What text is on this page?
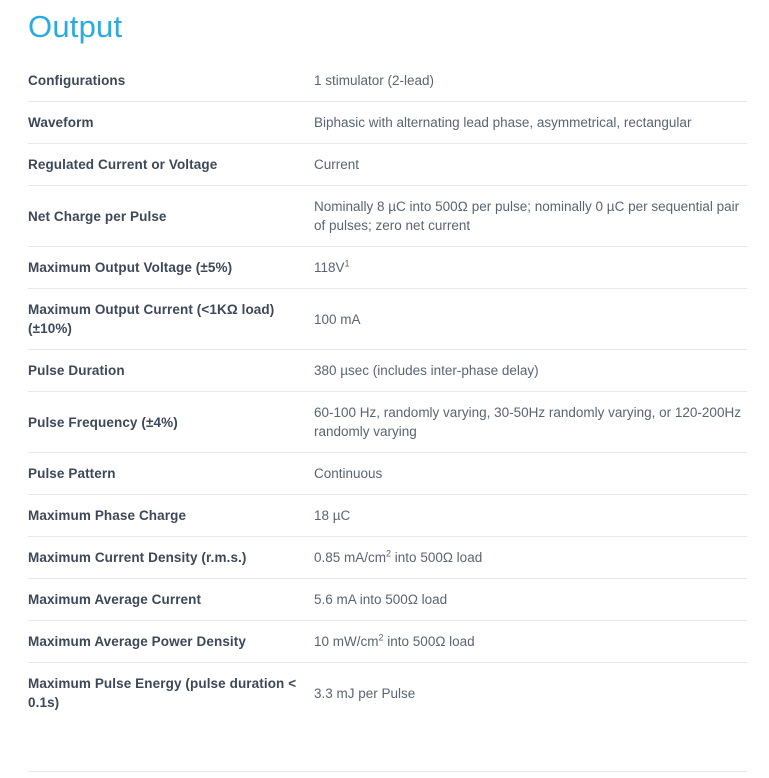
Output
Configurations	1 stimulator (2-lead)
Waveform	Biphasic with alternating lead phase, asymmetrical, rectangular
Regulated Current or Voltage	Current
Net Charge per Pulse	Nominally 8 µC into 500Ω per pulse; nominally 0 µC per sequential pair of pulses; zero net current
Maximum Output Voltage (±5%)	$118V^1$
Maximum Output Current (<1KΩ load) (±10%)	100 mA
Pulse Duration	380 µsec (includes inter-phase delay)
Pulse Frequency (±4%)	60-100 Hz, randomly varying, 30-50Hz randomly varying, or 120-200Hz randomly varying
Pulse Pattern	Continuous
Maximum Phase Charge	18 µC
Maximum Current Density (r.m.s.)	0.85 $mA/cm^2$ into 500Ω load
Maximum Average Current	5.6 mA into 500Ω load
Maximum Average Power Density	10 $mW/cm^2$ into 500Ω load
Maximum Pulse Energy (pulse duration < 0.1s)	3.3 mJ per Pulse
